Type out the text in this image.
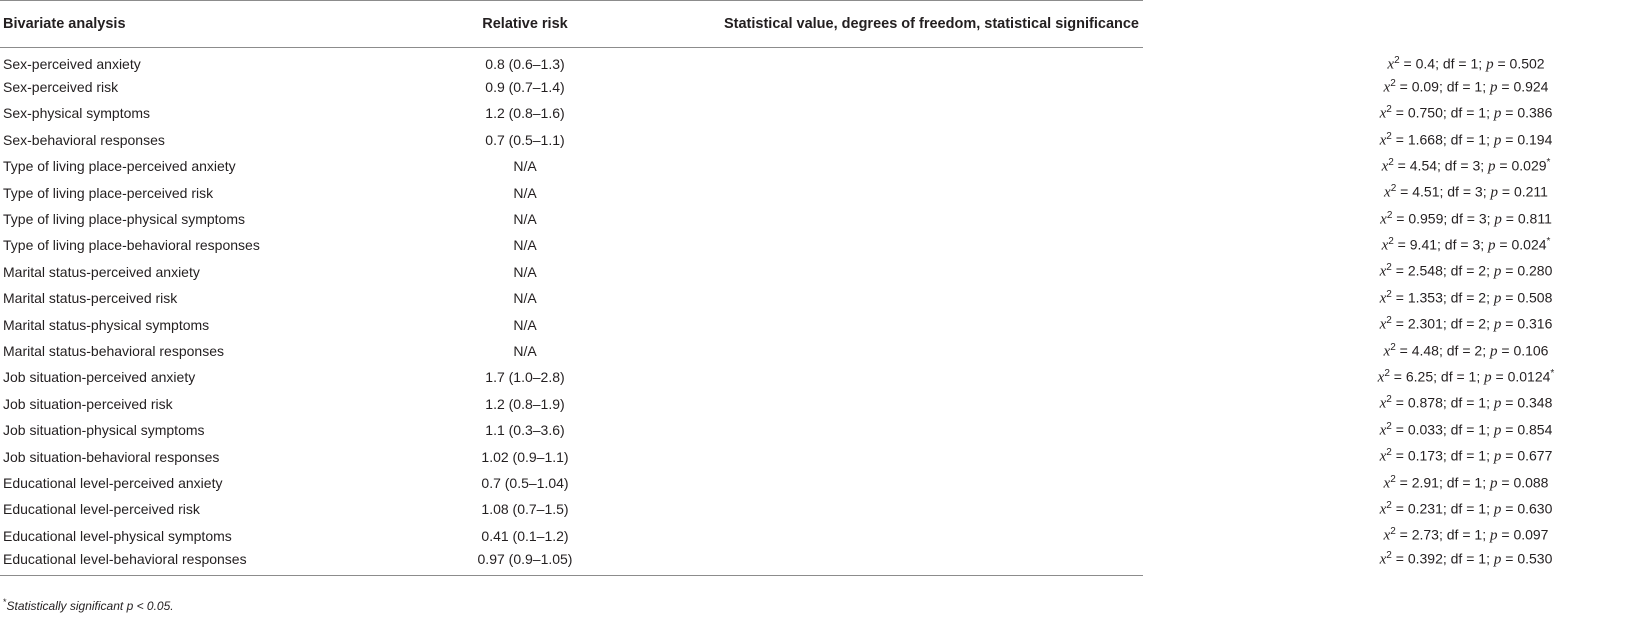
Bivariate analysis	Relative risk	Statistical value, degrees of freedom, statistical significance
Sex-perceived anxiety	0.8 (0.6–1.3)	$x^2 = 0.4$; df = 1; p = 0.502
Sex-perceived risk	0.9 (0.7–1.4)	$x^2 = 0.09$; df = 1; p = 0.924
Sex-physical symptoms	1.2 (0.8–1.6)	$x^2 = 0.750$; df = 1; p = 0.386
Sex-behavioral responses	0.7 (0.5–1.1)	$x^2 = 1.668$; df = 1; p = 0.194
Type of living place-perceived anxiety	N/A	$x^2 = 4.54$; df = 3; p = 0.029*
Type of living place-perceived risk	N/A	$x^2 = 4.51$; df = 3; p = 0.211
Type of living place-physical symptoms	N/A	$x^2 = 0.959$; df = 3; p = 0.811
Type of living place-behavioral responses	N/A	$x^2 = 9.41$; df = 3; p = 0.024*
Marital status-perceived anxiety	N/A	$x^2 = 2.548$; df = 2; p = 0.280
Marital status-perceived risk	N/A	$x^2 = 1.353$; df = 2; p = 0.508
Marital status-physical symptoms	N/A	$x^2 = 2.301$; df = 2; p = 0.316
Marital status-behavioral responses	N/A	$x^2 = 4.48$; df = 2; p = 0.106
Job situation-perceived anxiety	1.7 (1.0–2.8)	$x^2 = 6.25$; df = 1; p = 0.0124*
Job situation-perceived risk	1.2 (0.8–1.9)	$x^2 = 0.878$; df = 1; p = 0.348
Job situation-physical symptoms	1.1 (0.3–3.6)	$x^2 = 0.033$; df = 1; p = 0.854
Job situation-behavioral responses	1.02 (0.9–1.1)	$x^2 = 0.173$; df = 1; p = 0.677
Educational level-perceived anxiety	0.7 (0.5–1.04)	$x^2 = 2.91$; df = 1; p = 0.088
Educational level-perceived risk	1.08 (0.7–1.5)	$x^2 = 0.231$; df = 1; p = 0.630
Educational level-physical symptoms	0.41 (0.1–1.2)	$x^2 = 2.73$; df = 1; p = 0.097
Educational level-behavioral responses	0.97 (0.9–1.05)	$x^2 = 0.392$; df = 1; p = 0.530
*Statistically significant p < 0.05.
